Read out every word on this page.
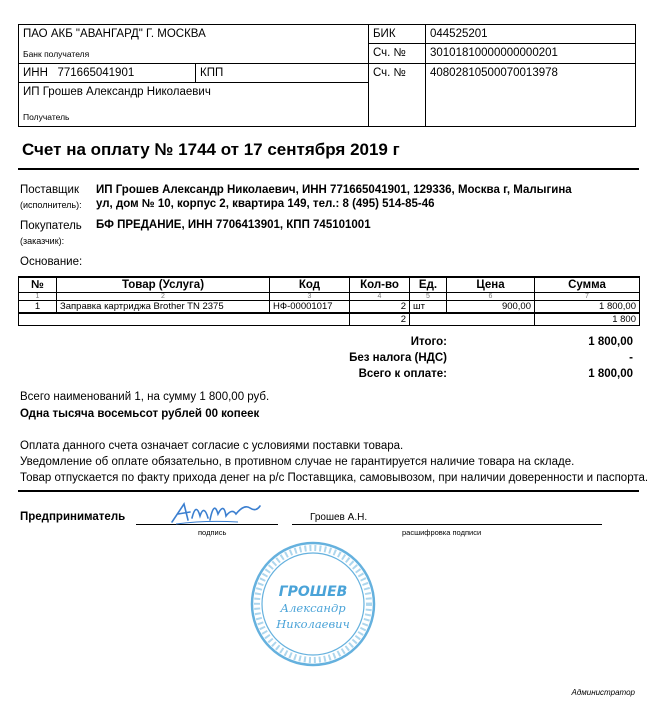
ПАО АКБ "АВАНГАРД" Г. МОСКВА		БИК	044525201
Банк получателя		Сч. №	30101810000000000201
ИНН 771665041901	КПП	Сч. №	40802810500070013978

ИП Грошев Александр Николаевич
Получатель			
Счет на оплату № 1744 от 17 сентября 2019 г
Поставщик
(исполнитель):
ИП Грошев Александр Николаевич, ИНН 771665041901, 129336, Москва г, Малыгина
ул, дом № 10, корпус 2, квартира 149, тел.: 8 (495) 514-85-46
Покупатель
(заказчик):
БФ ПРЕДАНИЕ, ИНН 7706413901, КПП 745101001
Основание:
№	Товар (Услуга)	Код	Кол-во	Ед.	Цена	Сумма
1	2	3	4	5	6	7
1	Заправка картриджа Brother TN 2375	НФ-00001017	2	шт	900,00	1 800,00
			2			1 800
Итого:	1 800,00
Без налога (НДС)	-
Всего к оплате:	1 800,00
Всего наименований 1, на сумму 1 800,00 руб.
Одна тысяча восемьсот рублей 00 копеек
Оплата данного счета означает согласие с условиями поставки товара.
Уведомление об оплате обязательно, в противном случае не гарантируется наличие товара на складе.
Товар отпускается по факту прихода денег на р/с Поставщика, самовывозом, при наличии доверенности и паспорта.
Предприниматель
подпись
Грошев А.Н.
расшифровка подписи
ГРОШЕВ
Александр
Николаевич
Администратор
